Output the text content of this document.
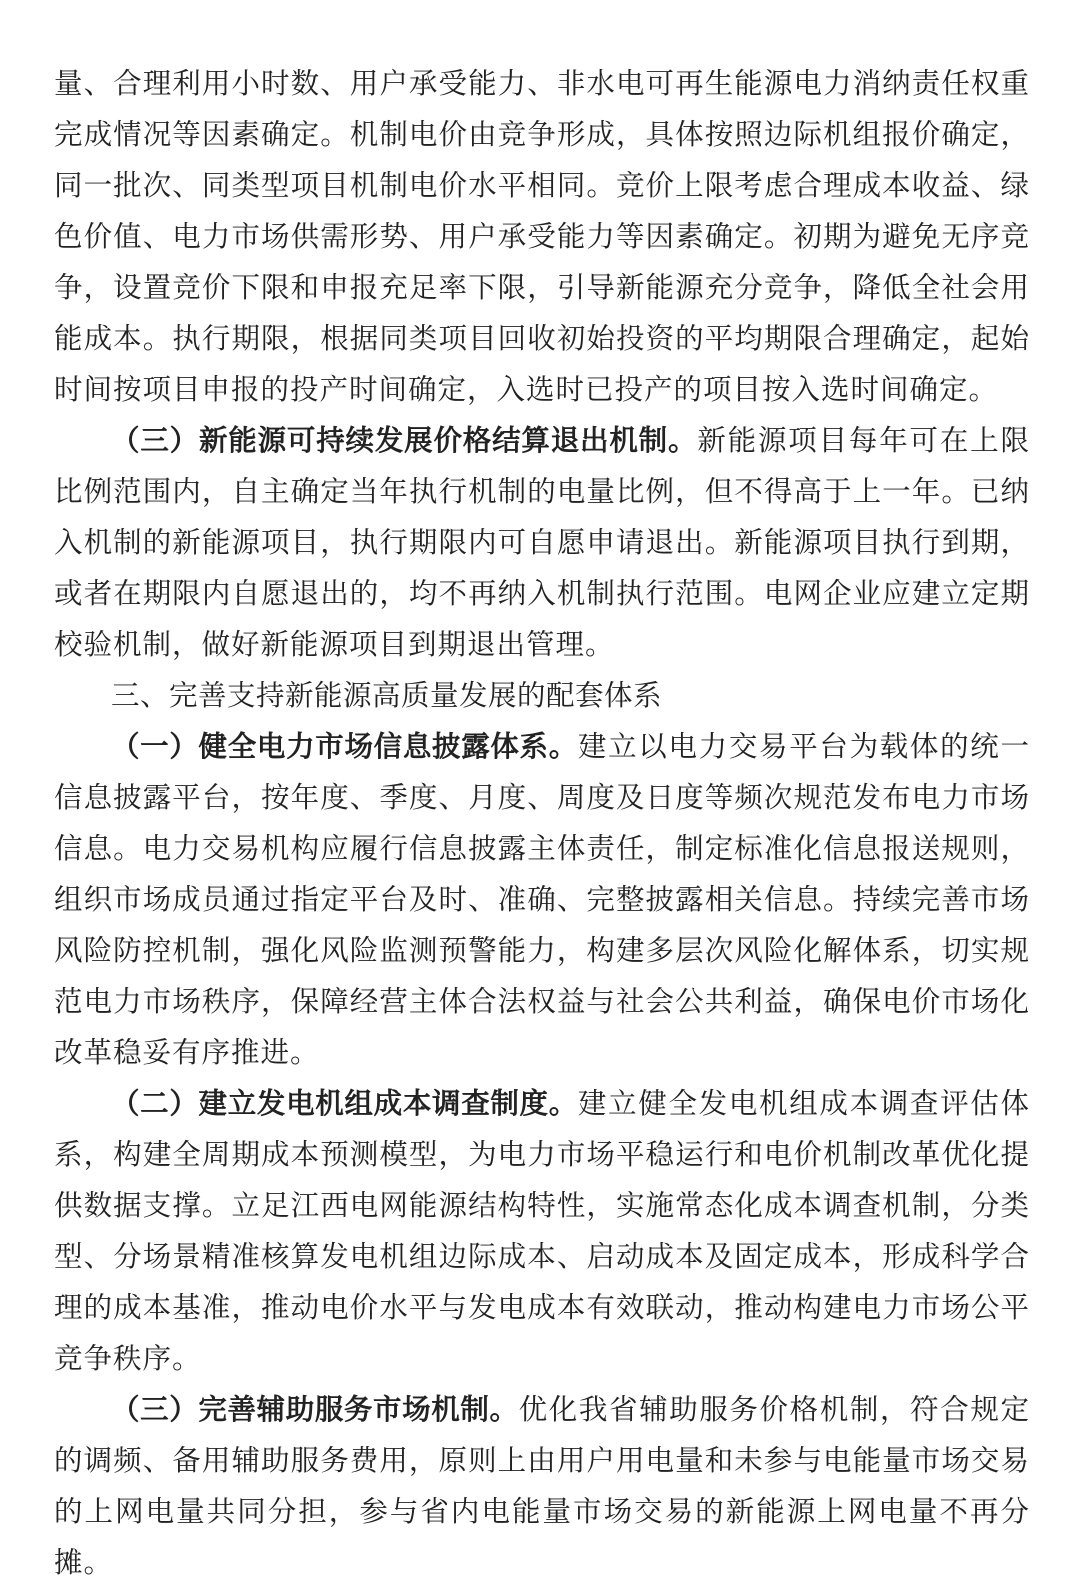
量、合理利用小时数、用户承受能力、非水电可再生能源电力消纳责任权重完成情况等因素确定。机制电价由竞争形成，具体按照边际机组报价确定，同一批次、同类型项目机制电价水平相同。竞价上限考虑合理成本收益、绿色价值、电力市场供需形势、用户承受能力等因素确定。初期为避免无序竞争，设置竞价下限和申报充足率下限，引导新能源充分竞争，降低全社会用能成本。执行期限，根据同类项目回收初始投资的平均期限合理确定，起始时间按项目申报的投产时间确定，入选时已投产的项目按入选时间确定。

（三）新能源可持续发展价格结算退出机制。新能源项目每年可在上限比例范围内，自主确定当年执行机制的电量比例，但不得高于上一年。已纳入机制的新能源项目，执行期限内可自愿申请退出。新能源项目执行到期，或者在期限内自愿退出的，均不再纳入机制执行范围。电网企业应建立定期校验机制，做好新能源项目到期退出管理。

三、完善支持新能源高质量发展的配套体系

（一）健全电力市场信息披露体系。建立以电力交易平台为载体的统一信息披露平台，按年度、季度、月度、周度及日度等频次规范发布电力市场信息。电力交易机构应履行信息披露主体责任，制定标准化信息报送规则，组织市场成员通过指定平台及时、准确、完整披露相关信息。持续完善市场风险防控机制，强化风险监测预警能力，构建多层次风险化解体系，切实规范电力市场秩序，保障经营主体合法权益与社会公共利益，确保电价市场化改革稳妥有序推进。

（二）建立发电机组成本调查制度。建立健全发电机组成本调查评估体系，构建全周期成本预测模型，为电力市场平稳运行和电价机制改革优化提供数据支撑。立足江西电网能源结构特性，实施常态化成本调查机制，分类型、分场景精准核算发电机组边际成本、启动成本及固定成本，形成科学合理的成本基准，推动电价水平与发电成本有效联动，推动构建电力市场公平竞争秩序。

（三）完善辅助服务市场机制。优化我省辅助服务价格机制，符合规定的调频、备用辅助服务费用，原则上由用户用电量和未参与电能量市场交易的上网电量共同分担，参与省内电能量市场交易的新能源上网电量不再分摊。
